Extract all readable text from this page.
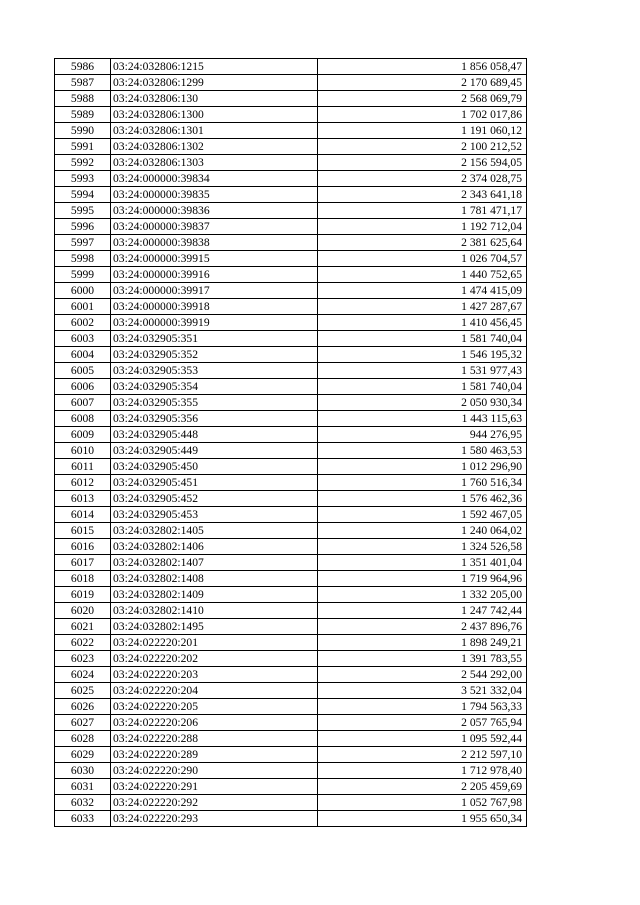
5986	03:24:032806:1215	1 856 058,47
5987	03:24:032806:1299	2 170 689,45
5988	03:24:032806:130	2 568 069,79
5989	03:24:032806:1300	1 702 017,86
5990	03:24:032806:1301	1 191 060,12
5991	03:24:032806:1302	2 100 212,52
5992	03:24:032806:1303	2 156 594,05
5993	03:24:000000:39834	2 374 028,75
5994	03:24:000000:39835	2 343 641,18
5995	03:24:000000:39836	1 781 471,17
5996	03:24:000000:39837	1 192 712,04
5997	03:24:000000:39838	2 381 625,64
5998	03:24:000000:39915	1 026 704,57
5999	03:24:000000:39916	1 440 752,65
6000	03:24:000000:39917	1 474 415,09
6001	03:24:000000:39918	1 427 287,67
6002	03:24:000000:39919	1 410 456,45
6003	03:24:032905:351	1 581 740,04
6004	03:24:032905:352	1 546 195,32
6005	03:24:032905:353	1 531 977,43
6006	03:24:032905:354	1 581 740,04
6007	03:24:032905:355	2 050 930,34
6008	03:24:032905:356	1 443 115,63
6009	03:24:032905:448	944 276,95
6010	03:24:032905:449	1 580 463,53
6011	03:24:032905:450	1 012 296,90
6012	03:24:032905:451	1 760 516,34
6013	03:24:032905:452	1 576 462,36
6014	03:24:032905:453	1 592 467,05
6015	03:24:032802:1405	1 240 064,02
6016	03:24:032802:1406	1 324 526,58
6017	03:24:032802:1407	1 351 401,04
6018	03:24:032802:1408	1 719 964,96
6019	03:24:032802:1409	1 332 205,00
6020	03:24:032802:1410	1 247 742,44
6021	03:24:032802:1495	2 437 896,76
6022	03:24:022220:201	1 898 249,21
6023	03:24:022220:202	1 391 783,55
6024	03:24:022220:203	2 544 292,00
6025	03:24:022220:204	3 521 332,04
6026	03:24:022220:205	1 794 563,33
6027	03:24:022220:206	2 057 765,94
6028	03:24:022220:288	1 095 592,44
6029	03:24:022220:289	2 212 597,10
6030	03:24:022220:290	1 712 978,40
6031	03:24:022220:291	2 205 459,69
6032	03:24:022220:292	1 052 767,98
6033	03:24:022220:293	1 955 650,34
